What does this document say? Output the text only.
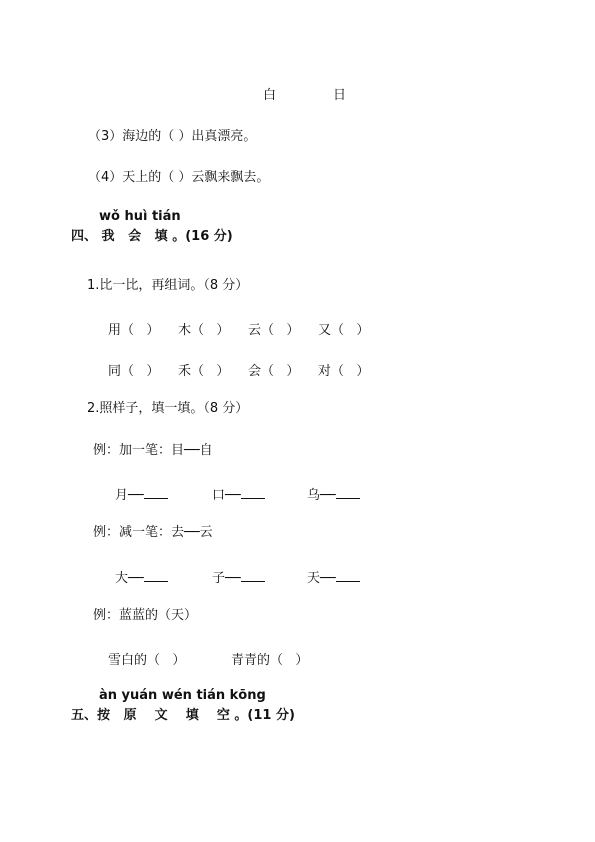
白	日
（3）海边的（ ）出真漂亮。
（4）天上的（ ）云飘来飘去。
wǒ huì tián
四、 我   会   填 。(16 分)
1.比一比，再组词。（8 分）
用（   ） 木（   ） 云（   ） 又（   ）
同（   ） 禾（   ） 会（   ） 对（   ）
2.照样子，填一填。（8 分）
例：加一笔：目──自
月──	口──	乌──
例：减一笔：去──云
大──	子──	天──
例：蓝蓝的（天）
雪白的（   ）	青青的（   ）
àn yuán wén tián kōng
五、按   原    文    填    空 。(11 分)
